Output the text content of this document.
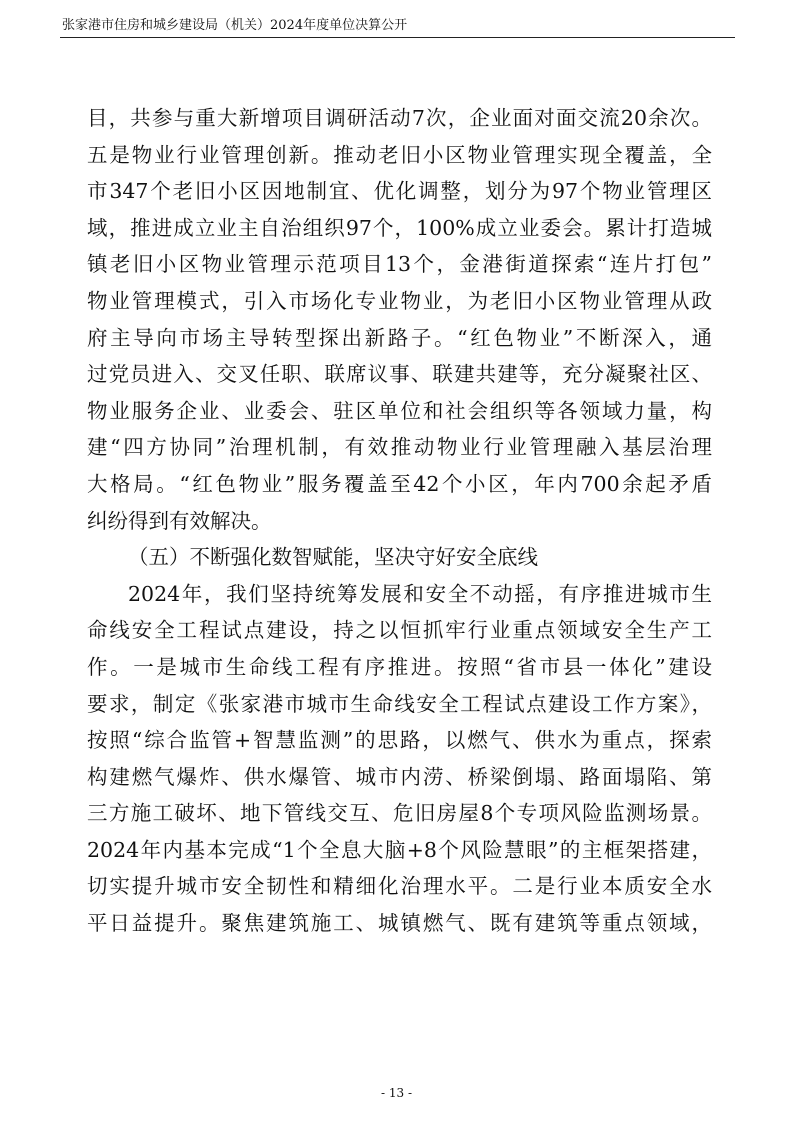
张家港市住房和城乡建设局（机关）2024年度单位决算公开
目，共参与重大新增项目调研活动7次，企业面对面交流20余次。
五是物业行业管理创新。推动老旧小区物业管理实现全覆盖，全
市347个老旧小区因地制宜、优化调整，划分为97个物业管理区
域，推进成立业主自治组织97个，100%成立业委会。累计打造城
镇老旧小区物业管理示范项目13个，金港街道探索“连片打包”
物业管理模式，引入市场化专业物业，为老旧小区物业管理从政
府主导向市场主导转型探出新路子。“红色物业”不断深入，通
过党员进入、交叉任职、联席议事、联建共建等，充分凝聚社区、
物业服务企业、业委会、驻区单位和社会组织等各领域力量，构
建“四方协同”治理机制，有效推动物业行业管理融入基层治理
大格局。“红色物业”服务覆盖至42个小区，年内700余起矛盾
纠纷得到有效解决。
（五）不断强化数智赋能，坚决守好安全底线
2024年，我们坚持统筹发展和安全不动摇，有序推进城市生
命线安全工程试点建设，持之以恒抓牢行业重点领域安全生产工
作。一是城市生命线工程有序推进。按照“省市县一体化”建设
要求，制定《张家港市城市生命线安全工程试点建设工作方案》，
按照“综合监管+智慧监测”的思路，以燃气、供水为重点，探索
构建燃气爆炸、供水爆管、城市内涝、桥梁倒塌、路面塌陷、第
三方施工破坏、地下管线交互、危旧房屋8个专项风险监测场景。
2024年内基本完成“1个全息大脑+8个风险慧眼”的主框架搭建，
切实提升城市安全韧性和精细化治理水平。二是行业本质安全水
平日益提升。聚焦建筑施工、城镇燃气、既有建筑等重点领域，
- 13 -
